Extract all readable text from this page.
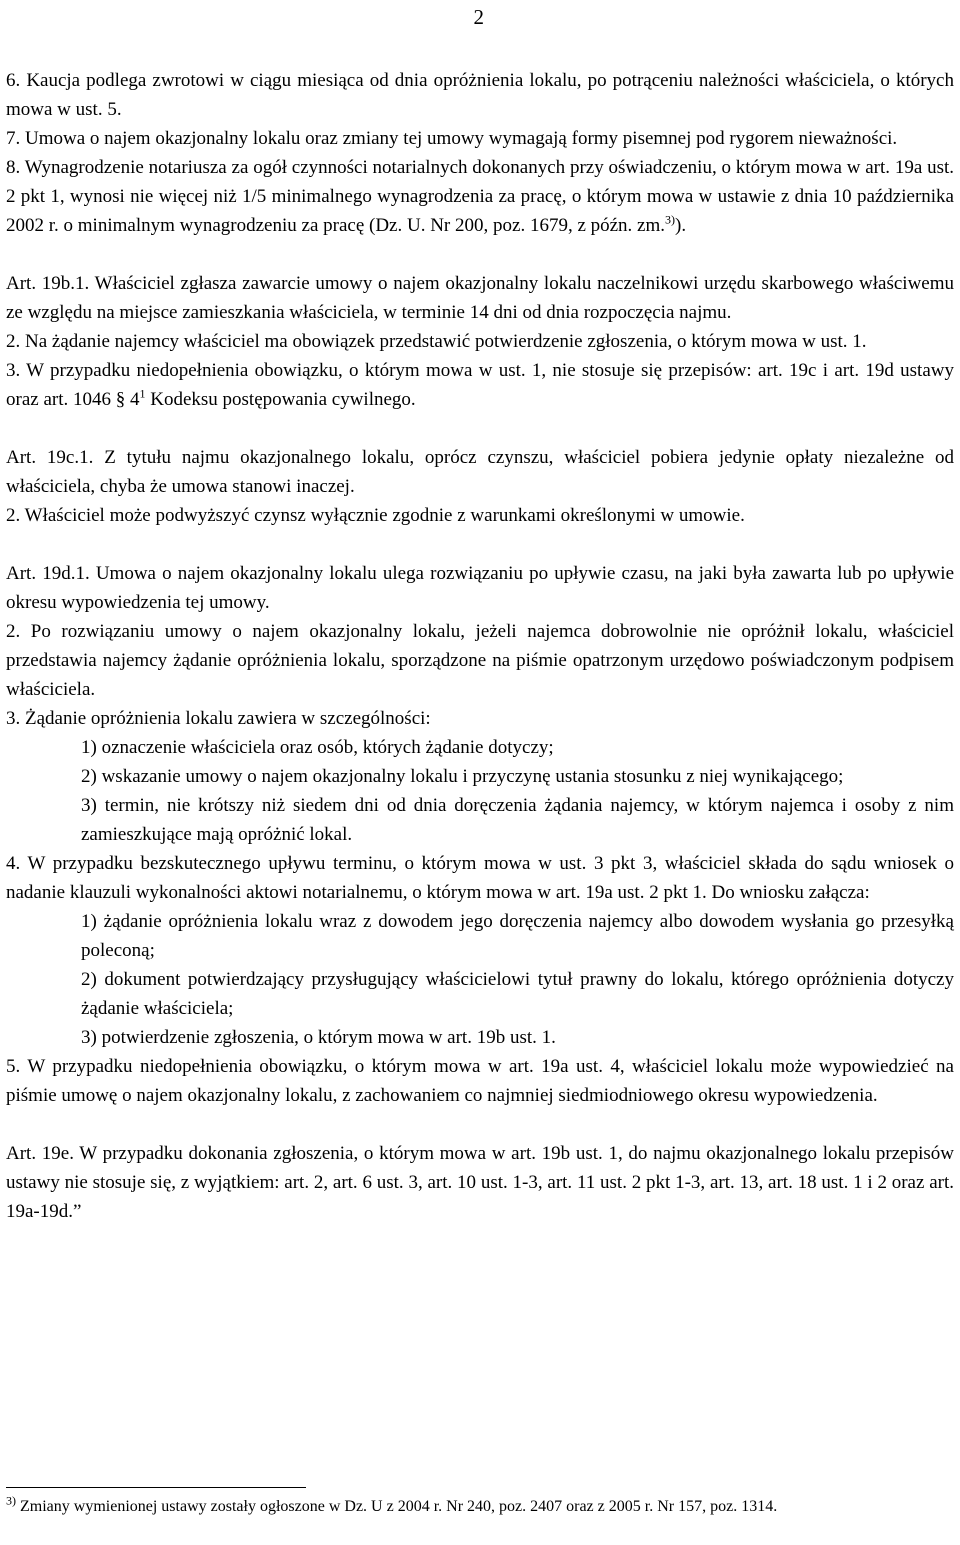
2

6. Kaucja podlega zwrotowi w ciągu miesiąca od dnia opróżnienia lokalu, po potrąceniu należności właściciela, o których mowa w ust. 5.

7. Umowa o najem okazjonalny lokalu oraz zmiany tej umowy wymagają formy pisemnej pod rygorem nieważności.

8. Wynagrodzenie notariusza za ogół czynności notarialnych dokonanych przy oświadczeniu, o którym mowa w art. 19a ust. 2 pkt 1, wynosi nie więcej niż 1/5 minimalnego wynagrodzenia za pracę, o którym mowa w ustawie z dnia 10 października 2002 r. o minimalnym wynagrodzeniu za pracę (Dz. U. Nr 200, poz. 1679, z późn. zm.$^{3)}$).

Art. 19b.1. Właściciel zgłasza zawarcie umowy o najem okazjonalny lokalu naczelnikowi urzędu skarbowego właściwemu ze względu na miejsce zamieszkania właściciela, w terminie 14 dni od dnia rozpoczęcia najmu.

2. Na żądanie najemcy właściciel ma obowiązek przedstawić potwierdzenie zgłoszenia, o którym mowa w ust. 1.

3. W przypadku niedopełnienia obowiązku, o którym mowa w ust. 1, nie stosuje się przepisów: art. 19c i art. 19d ustawy oraz art. 1046 § $4^1$ Kodeksu postępowania cywilnego.

Art. 19c.1. Z tytułu najmu okazjonalnego lokalu, oprócz czynszu, właściciel pobiera jedynie opłaty niezależne od właściciela, chyba że umowa stanowi inaczej.

2. Właściciel może podwyższyć czynsz wyłącznie zgodnie z warunkami określonymi w umowie.

Art. 19d.1. Umowa o najem okazjonalny lokalu ulega rozwiązaniu po upływie czasu, na jaki była zawarta lub po upływie okresu wypowiedzenia tej umowy.

2. Po rozwiązaniu umowy o najem okazjonalny lokalu, jeżeli najemca dobrowolnie nie opróżnił lokalu, właściciel przedstawia najemcy żądanie opróżnienia lokalu, sporządzone na piśmie opatrzonym urzędowo poświadczonym podpisem właściciela.

3. Żądanie opróżnienia lokalu zawiera w szczególności:

1) oznaczenie właściciela oraz osób, których żądanie dotyczy;

2) wskazanie umowy o najem okazjonalny lokalu i przyczynę ustania stosunku z niej wynikającego;

3) termin, nie krótszy niż siedem dni od dnia doręczenia żądania najemcy, w którym najemca i osoby z nim zamieszkujące mają opróżnić lokal.

4. W przypadku bezskutecznego upływu terminu, o którym mowa w ust. 3 pkt 3, właściciel składa do sądu wniosek o nadanie klauzuli wykonalności aktowi notarialnemu, o którym mowa w art. 19a ust. 2 pkt 1. Do wniosku załącza:

1) żądanie opróżnienia lokalu wraz z dowodem jego doręczenia najemcy albo dowodem wysłania go przesyłką poleconą;

2) dokument potwierdzający przysługujący właścicielowi tytuł prawny do lokalu, którego opróżnienia dotyczy żądanie właściciela;

3) potwierdzenie zgłoszenia, o którym mowa w art. 19b ust. 1.

5. W przypadku niedopełnienia obowiązku, o którym mowa w art. 19a ust. 4, właściciel lokalu może wypowiedzieć na piśmie umowę o najem okazjonalny lokalu, z zachowaniem co najmniej siedmiodniowego okresu wypowiedzenia.

Art. 19e. W przypadku dokonania zgłoszenia, o którym mowa w art. 19b ust. 1, do najmu okazjonalnego lokalu przepisów ustawy nie stosuje się, z wyjątkiem: art. 2, art. 6 ust. 3, art. 10 ust. 1-3, art. 11 ust. 2 pkt 1-3, art. 13, art. 18 ust. 1 i 2 oraz art. 19a-19d.”

$^{3)}$ Zmiany wymienionej ustawy zostały ogłoszone w Dz. U z 2004 r. Nr 240, poz. 2407 oraz z 2005 r. Nr 157, poz. 1314.
